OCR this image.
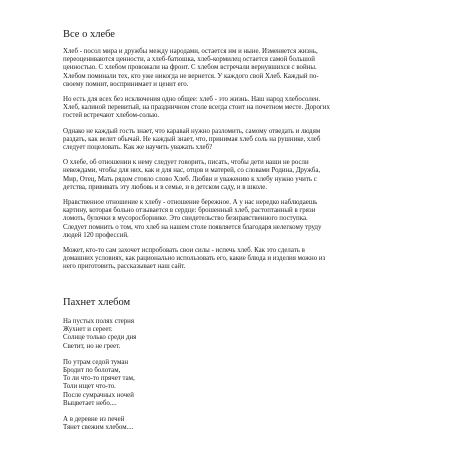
Все о хлебе

Хлеб - посол мира и дружбы между народами, остается им и ныне. Изменяется жизнь,
переоцениваются ценности, а хлеб-батюшка, хлеб-кормилец остается самой большой
ценностью. С хлебом провожали на фронт. С хлебом встречали вернувшихся с войны.
Хлебом поминали тех, кто уже никогда не вернется. У каждого свой Хлеб. Каждый по-
своему помнит, воспринимает и ценит его.

Но есть для всех без исключения одно общее: хлеб - это жизнь. Наш народ хлебосолен.
Хлеб, калиной перевитый, на праздничном столе всегда стоит на почетном месте. Дорогих
гостей встречают хлебом-солью.

Однако не каждый гость знает, что каравай нужно разломить, самому отведать и людям
раздать, как велит обычай. Не каждый знает, что, принимая хлеб соль на рушнике, хлеб
следует поцеловать. Как же научить уважать хлеб?

О хлебе, об отношении к нему следует говорить, писать, чтобы дети наши не росли
невеждами, чтобы для них, как и для нас, отцов и матерей, со словами Родина, Дружба,
Мир, Отец, Мать рядом стояло слово Хлеб. Любви и уважению к хлебу нужно учить с
детства, прививать эту любовь и в семье, и в детском саду, и в школе.

Нравственное отношение к хлебу - отношение бережное. А у нас нередко наблюдаешь
картину, которая больно отзывается в сердце: брошенный хлеб, растоптанный в грязи
ломоть, булочки в мусоросборнике. Это свидетельство безнравственного поступка.
Следует помнить о том, что хлеб на нашем столе появляется благодаря нелегкому труду
людей 120 профессий.

Может, кто-то сам захочет испробовать свои силы - испечь хлеб. Как это сделать в
домашних условиях, как рационально использовать его, какие блюда и изделия можно из
него приготовить, рассказывает наш сайт.

Пахнет хлебом
На пустых полях стерня
Жухнет и сереет.
Солнце только среди дня
Светит, но не греет.
По утрам седой туман
Бродит по болотам,
То ли что-то прячет там,
Толи ищет что-то.
После сумрачных ночей
Выцветает небо....
А в деревне из печей
Тянет свежим хлебом....
